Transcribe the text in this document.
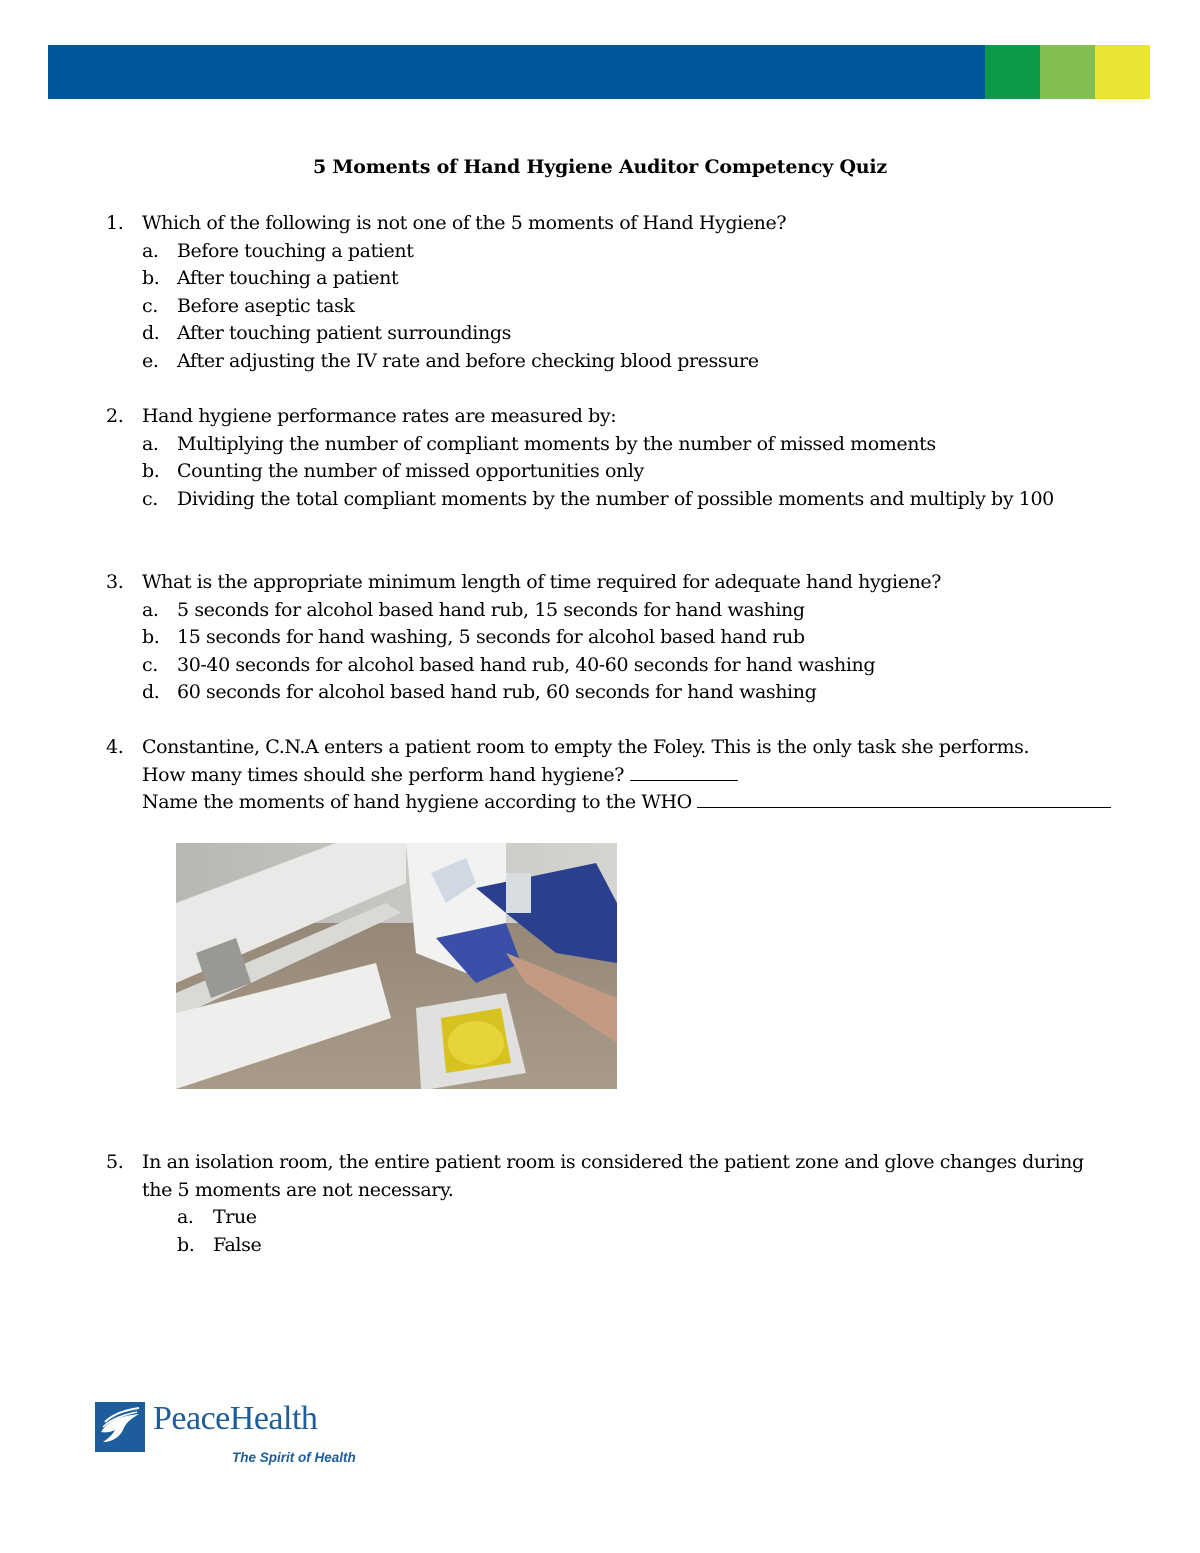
5 Moments of Hand Hygiene Auditor Competency Quiz
1. Which of the following is not one of the 5 moments of Hand Hygiene?
a. Before touching a patient
b. After touching a patient
c. Before aseptic task
d. After touching patient surroundings
e. After adjusting the IV rate and before checking blood pressure
2. Hand hygiene performance rates are measured by:
a. Multiplying the number of compliant moments by the number of missed moments
b. Counting the number of missed opportunities only
c. Dividing the total compliant moments by the number of possible moments and multiply by 100
3. What is the appropriate minimum length of time required for adequate hand hygiene?
a. 5 seconds for alcohol based hand rub, 15 seconds for hand washing
b. 15 seconds for hand washing, 5 seconds for alcohol based hand rub
c. 30-40 seconds for alcohol based hand rub, 40-60 seconds for hand washing
d. 60 seconds for alcohol based hand rub, 60 seconds for hand washing
4. Constantine, C.N.A enters a patient room to empty the Foley. This is the only task she performs.
How many times should she perform hand hygiene?
Name the moments of hand hygiene according to the WHO
5. In an isolation room, the entire patient room is considered the patient zone and glove changes during
the 5 moments are not necessary.
a. True
b. False
PeaceHealth
The Spirit of Health
